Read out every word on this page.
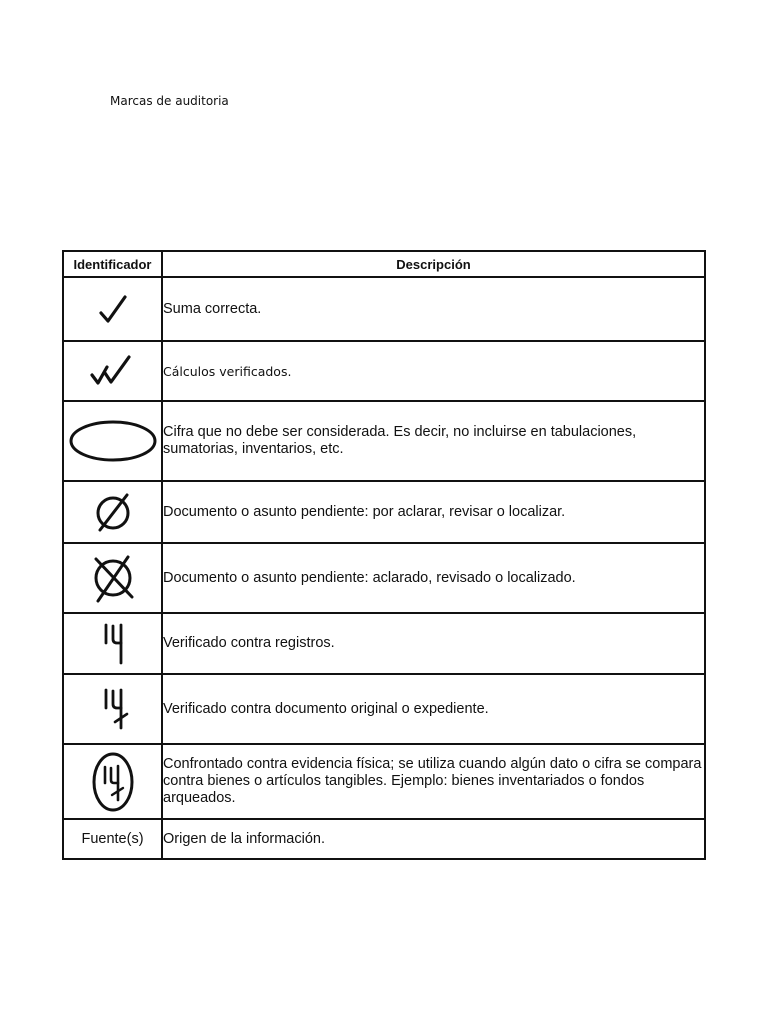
Marcas de auditoria
Identificador	Descripción

	Suma correcta.

	Cálculos verificados.

	Cifra que no debe ser considerada. Es decir, no incluirse en tabulaciones, sumatorias, inventarios, etc.

	Documento o asunto pendiente: por aclarar, revisar o localizar.

	Documento o asunto pendiente: aclarado, revisado o localizado.

	Verificado contra registros.

	Verificado contra documento original o expediente.

	Confrontado contra evidencia física; se utiliza cuando algún dato o cifra se compara contra bienes o artículos tangibles. Ejemplo: bienes inventariados o fondos arqueados.
Fuente(s)	Origen de la información.
